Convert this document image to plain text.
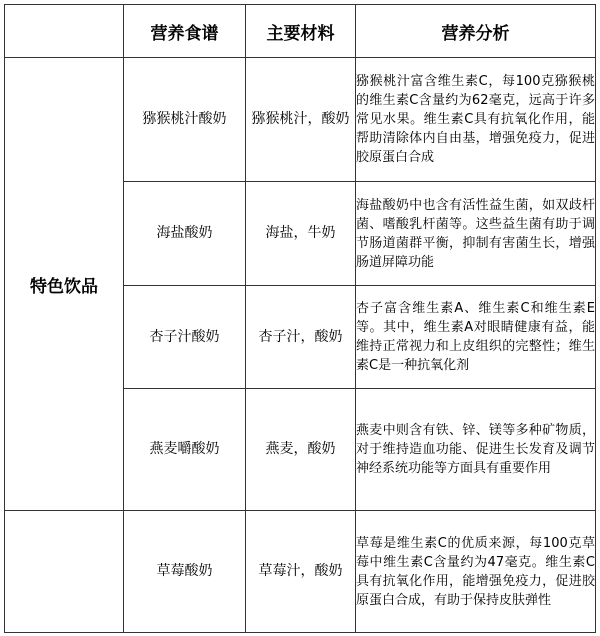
	营养食谱	主要材料	营养分析
特色饮品	猕猴桃汁酸奶	猕猴桃汁，酸奶	猕猴桃汁富含维生素C，每100克猕猴桃的维生素C含量约为62毫克，远高于许多常见水果。维生素C具有抗氧化作用，能帮助清除体内自由基，增强免疫力，促进胶原蛋白合成
	海盐酸奶	海盐，牛奶	海盐酸奶中也含有活性益生菌，如双歧杆菌、嗜酸乳杆菌等。这些益生菌有助于调节肠道菌群平衡，抑制有害菌生长，增强肠道屏障功能
	杏子汁酸奶	杏子汁，酸奶	杏子富含维生素A、维生素C和维生素E等。其中，维生素A对眼睛健康有益，能维持正常视力和上皮组织的完整性；维生素C是一种抗氧化剂
	燕麦嚼酸奶	燕麦，酸奶	燕麦中则含有铁、锌、镁等多种矿物质，对于维持造血功能、促进生长发育及调节神经系统功能等方面具有重要作用
	草莓酸奶	草莓汁，酸奶	草莓是维生素C的优质来源，每100克草莓中维生素C含量约为47毫克。维生素C具有抗氧化作用，能增强免疫力，促进胶原蛋白合成，有助于保持皮肤弹性
